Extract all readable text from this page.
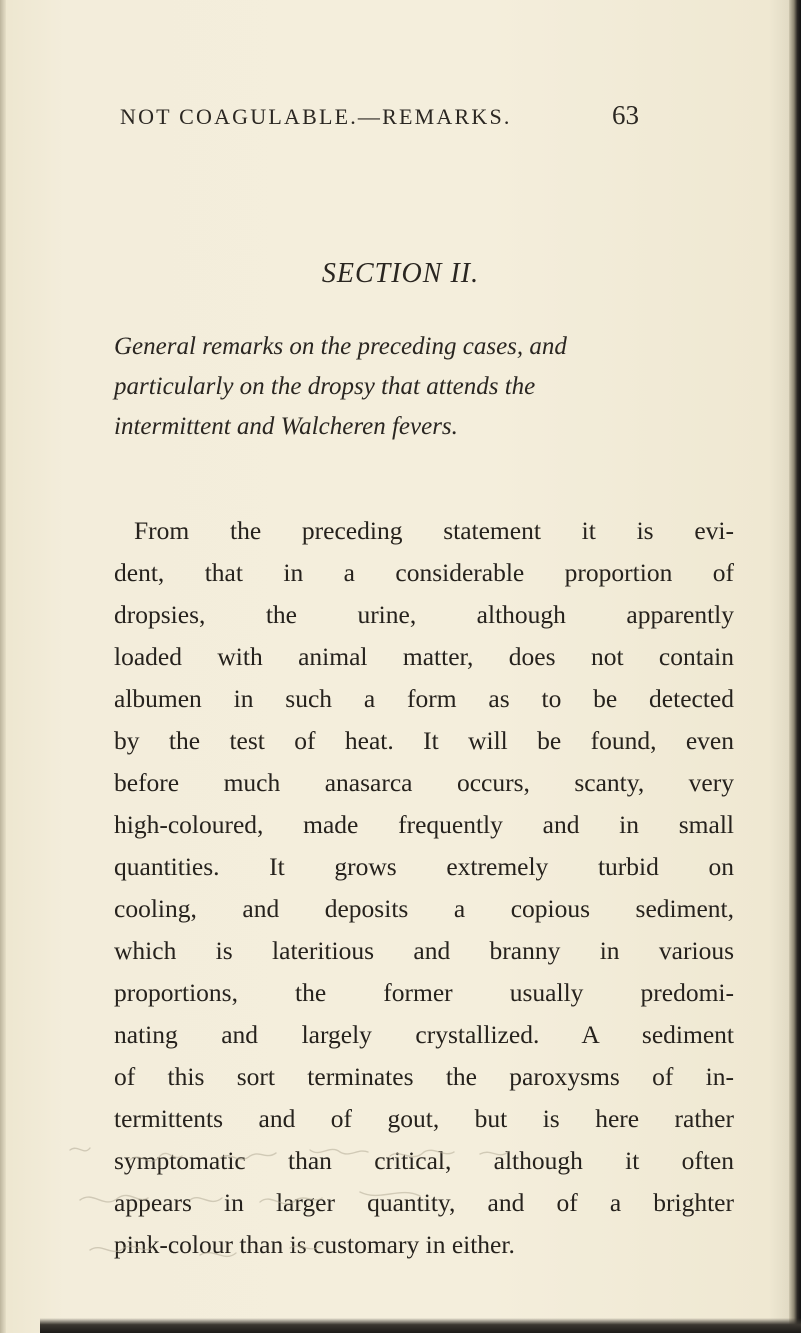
NOT COAGULABLE.—REMARKS.	63
SECTION II.
General remarks on the preceding cases, and
particularly on the dropsy that attends the
intermittent and Walcheren fevers.
From the preceding statement it is evi-
dent, that in a considerable proportion of
dropsies, the urine, although apparently
loaded with animal matter, does not contain
albumen in such a form as to be detected
by the test of heat. It will be found, even
before much anasarca occurs, scanty, very
high-coloured, made frequently and in small
quantities. It grows extremely turbid on
cooling, and deposits a copious sediment,
which is lateritious and branny in various
proportions, the former usually predomi-
nating and largely crystallized. A sediment
of this sort terminates the paroxysms of in-
termittents and of gout, but is here rather
symptomatic than critical, although it often
appears in larger quantity, and of a brighter
pink-colour than is customary in either.
